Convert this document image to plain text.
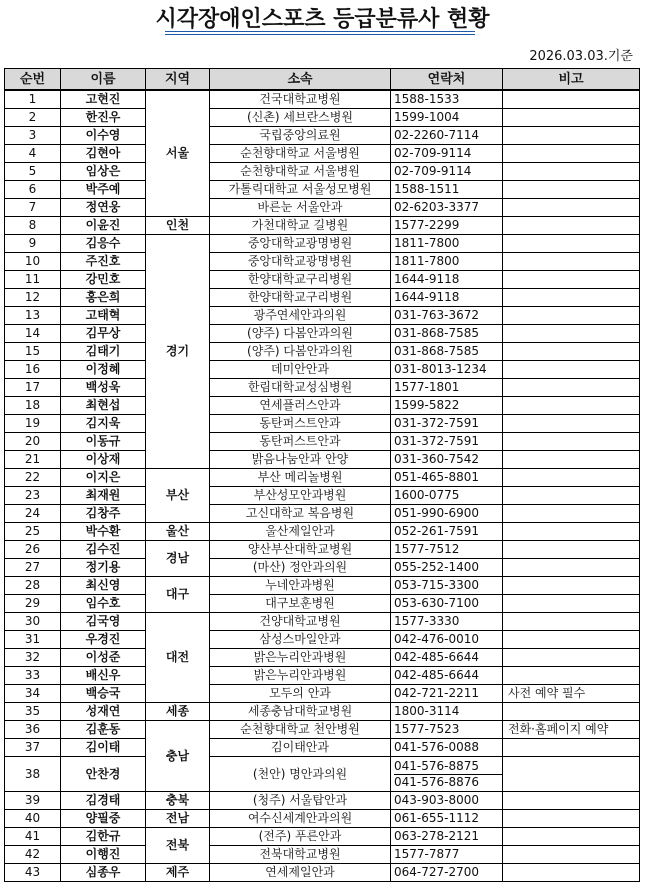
시각장애인스포츠 등급분류사 현황
2026.03.03.기준
순번	이름	지역	소속	연락처	비고
1	고현진	서울	건국대학교병원	1588-1533	
2	한진우		(신촌) 세브란스병원	1599-1004	
3	이수영		국립중앙의료원	02-2260-7114	
4	김현아		순천향대학교 서울병원	02-709-9114	
5	임상은		순천향대학교 서울병원	02-709-9114	
6	박주예		가톨릭대학교 서울성모병원	1588-1511	
7	정연웅		바른눈 서울안과	02-6203-3377	
8	이윤진	인천	가천대학교 길병원	1577-2299	
9	김응수	경기	중앙대학교광명병원	1811-7800	
10	주진호		중앙대학교광명병원	1811-7800	
11	강민호		한양대학교구리병원	1644-9118	
12	홍은희		한양대학교구리병원	1644-9118	
13	고태혁		광주연세안과의원	031-763-3672	
14	김무상		(양주) 다봄안과의원	031-868-7585	
15	김태기		(양주) 다봄안과의원	031-868-7585	
16	이정혜		데미안안과	031-8013-1234	
17	백성욱		한림대학교성심병원	1577-1801	
18	최현섭		연세플러스안과	1599-5822	
19	김지욱		동탄퍼스트안과	031-372-7591	
20	이동규		동탄퍼스트안과	031-372-7591	
21	이상재		밝음나눔안과 안양	031-360-7542	
22	이지은	부산	부산 메리놀병원	051-465-8801	
23	최재원		부산성모안과병원	1600-0775	
24	김창주		고신대학교 복음병원	051-990-6900	
25	박수환	울산	울산제일안과	052-261-7591	
26	김수진	경남	양산부산대학교병원	1577-7512	
27	정기용		(마산) 정안과의원	055-252-1400	
28	최신영	대구	누네안과병원	053-715-3300	
29	임수호		대구보훈병원	053-630-7100	
30	김국영	대전	건양대학교병원	1577-3330	
31	우경진		삼성스마일안과	042-476-0010	
32	이성준		밝은누리안과병원	042-485-6644	
33	배신우		밝은누리안과병원	042-485-6644	
34	백승국		모두의 안과	042-721-2211	사전 예약 필수
35	성재연	세종	세종충남대학교병원	1800-3114	
36	김훈동	충남	순천향대학교 천안병원	1577-7523	전화·홈페이지 예약
37	김이태		김이태안과	041-576-0088	
38	안찬경		(천안) 명안과의원	041-576-8875
041-576-8876	

39	김경태	충북	(청주) 서울탑안과	043-903-8000	
40	양필중	전남	여수신세계안과의원	061-655-1112	
41	김한규	전북	(전주) 푸른안과	063-278-2121	
42	이행진		전북대학교병원	1577-7877	
43	심종우	제주	연세제일안과	064-727-2700	
